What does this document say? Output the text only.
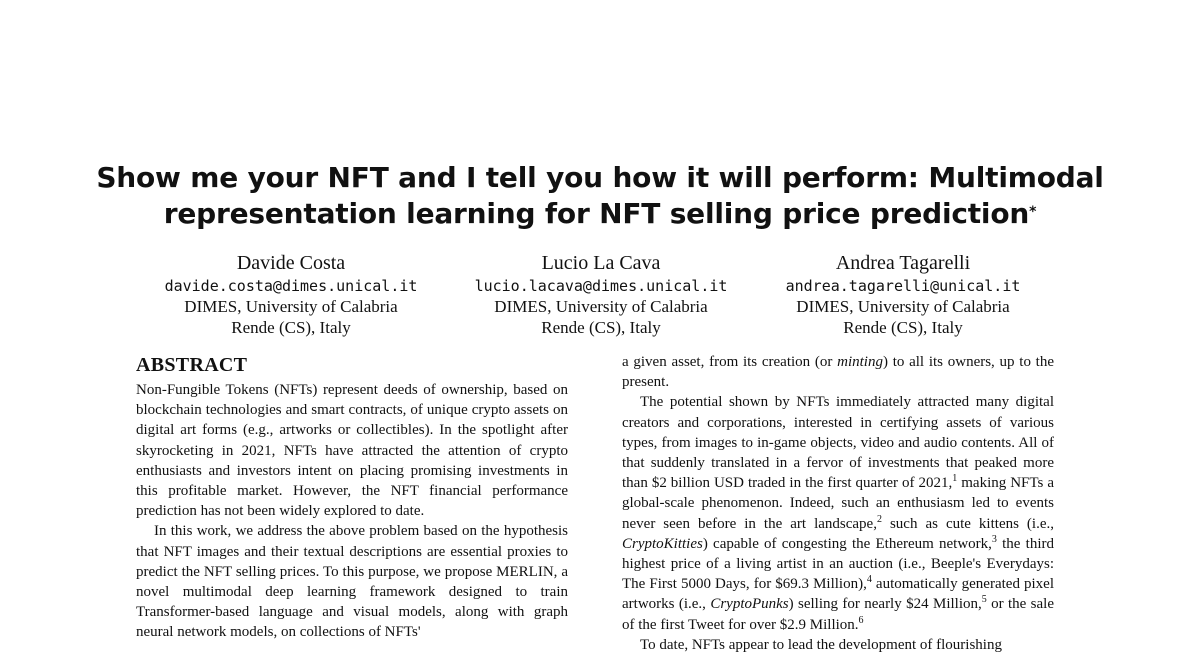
Show me your NFT and I tell you how it will perform: Multimodal
representation learning for NFT selling price prediction*
Davide Costa
davide.costa@dimes.unical.it
DIMES, University of Calabria
Rende (CS), Italy
Lucio La Cava
lucio.lacava@dimes.unical.it
DIMES, University of Calabria
Rende (CS), Italy
Andrea Tagarelli
andrea.tagarelli@unical.it
DIMES, University of Calabria
Rende (CS), Italy
ABSTRACT

Non-Fungible Tokens (NFTs) represent deeds of ownership, based on blockchain technologies and smart contracts, of unique crypto assets on digital art forms (e.g., artworks or collectibles). In the spotlight after skyrocketing in 2021, NFTs have attracted the attention of crypto enthusiasts and investors intent on placing promising investments in this profitable market. However, the NFT financial performance prediction has not been widely explored to date.

In this work, we address the above problem based on the hypothesis that NFT images and their textual descriptions are essential proxies to predict the NFT selling prices. To this purpose, we propose MERLIN, a novel multimodal deep learning framework designed to train Transformer-based language and visual models, along with graph neural network models, on collections of NFTs'

a given asset, from its creation (or minting) to all its owners, up to the present.

The potential shown by NFTs immediately attracted many digital creators and corporations, interested in certifying assets of various types, from images to in-game objects, video and audio contents. All of that suddenly translated in a fervor of investments that peaked more than $2 billion USD traded in the first quarter of 2021,$^1$ making NFTs a global-scale phenomenon. Indeed, such an enthusiasm led to events never seen before in the art landscape,$^2$ such as cute kittens (i.e., CryptoKitties) capable of congesting the Ethereum network,$^3$ the third highest price of a living artist in an auction (i.e., Beeple's Everydays: The First 5000 Days, for $69.3 Million),$^4$ automatically generated pixel artworks (i.e., CryptoPunks) selling for nearly $24 Million,$^5$ or the sale of the first Tweet for over $2.9 Million.$^6$

To date, NFTs appear to lead the development of flourishing
